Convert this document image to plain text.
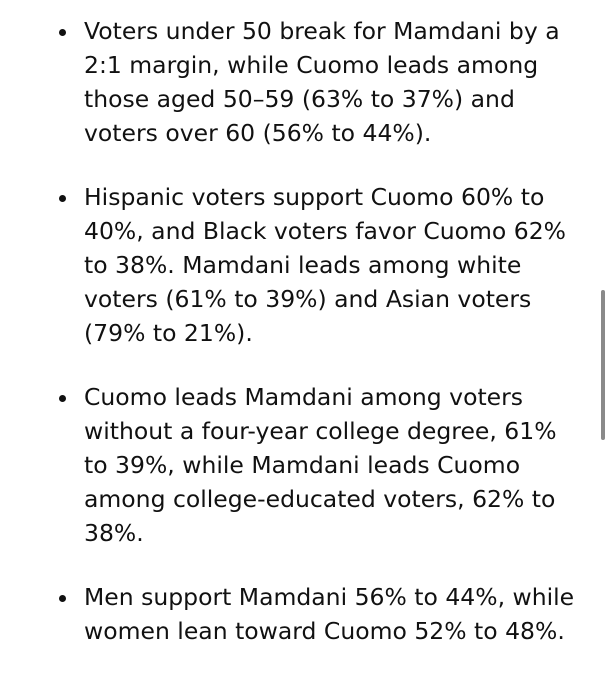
Voters under 50 break for Mamdani by a 2:1 margin, while Cuomo leads among those aged 50–59 (63% to 37%) and voters over 60 (56% to 44%).
Hispanic voters support Cuomo 60% to 40%, and Black voters favor Cuomo 62% to 38%. Mamdani leads among white voters (61% to 39%) and Asian voters (79% to 21%).
Cuomo leads Mamdani among voters without a four-year college degree, 61% to 39%, while Mamdani leads Cuomo among college-educated voters, 62% to 38%.
Men support Mamdani 56% to 44%, while women lean toward Cuomo 52% to 48%.
